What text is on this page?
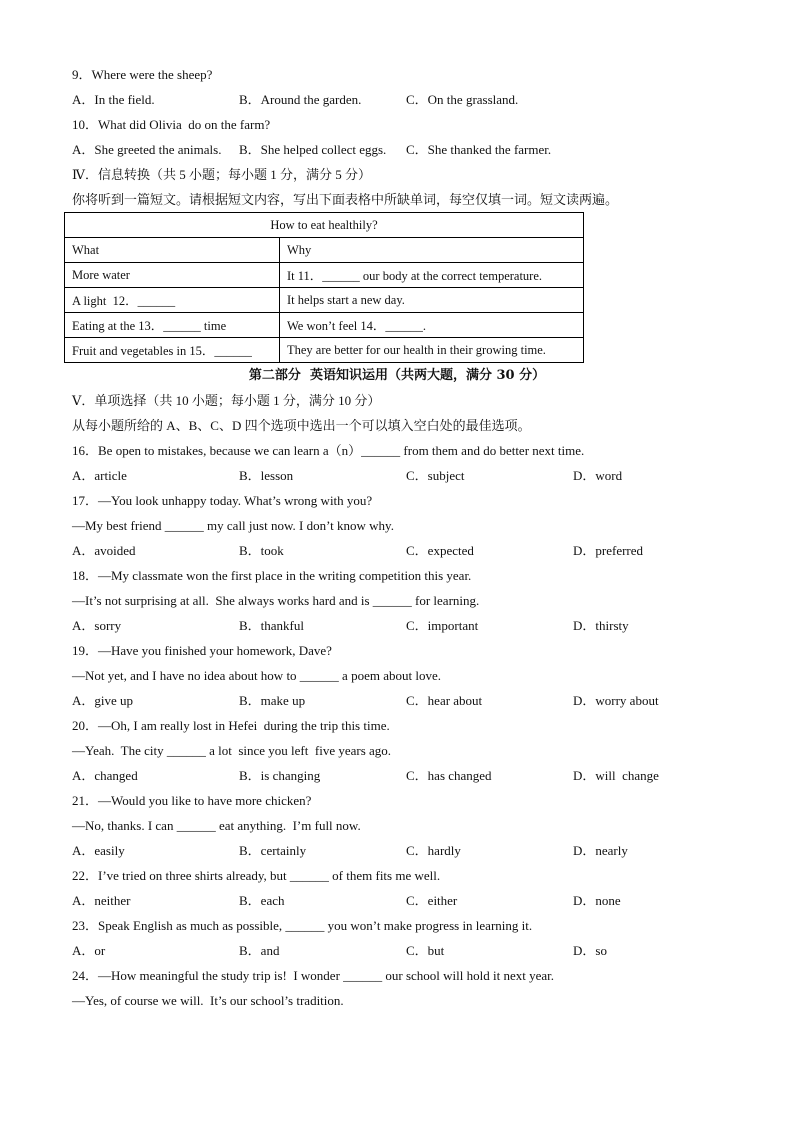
9．Where were the sheep?
A．In the field.	B．Around the garden.	C．On the grassland.
10．What did Olivia  do on the farm?
A．She greeted the animals.	B．She helped collect eggs.	C．She thanked the farmer.
Ⅳ．信息转换（共 5 小题；每小题 1 分，满分 5 分）
你将听到一篇短文。请根据短文内容，写出下面表格中所缺单词，每空仅填一词。短文读两遍。
How to eat healthily?	
What	Why
More water	It 11．______ our body at the correct temperature.
A light  12．______	It helps start a new day.
Eating at the 13．______ time	We won’t feel 14．______.
Fruit and vegetables in 15．______	They are better for our health in their growing time.
第二部分  英语知识运用（共两大题，满分 30 分）
Ⅴ．单项选择（共 10 小题；每小题 1 分，满分 10 分）
从每小题所给的 A、B、C、D 四个选项中选出一个可以填入空白处的最佳选项。
16．Be open to mistakes, because we can learn a（n）______ from them and do better next time.
A．article	B．lesson	C．subject	D．word
17．—You look unhappy today. What’s wrong with you?
—My best friend ______ my call just now. I don’t know why.
A．avoided	B．took	C．expected	D．preferred
18．—My classmate won the first place in the writing competition this year.
—It’s not surprising at all.  She always works hard and is ______ for learning.
A．sorry	B．thankful	C．important	D．thirsty
19．—Have you finished your homework, Dave?
—Not yet, and I have no idea about how to ______ a poem about love.
A．give up	B．make up	C．hear about	D．worry about
20．—Oh, I am really lost in Hefei  during the trip this time.
—Yeah.  The city ______ a lot  since you left  five years ago.
A．changed	B．is changing	C．has changed	D．will  change
21．—Would you like to have more chicken?
—No, thanks. I can ______ eat anything.  I’m full now.
A．easily	B．certainly	C．hardly	D．nearly
22．I’ve tried on three shirts already, but ______ of them fits me well.
A．neither	B．each	C．either	D．none
23．Speak English as much as possible, ______ you won’t make progress in learning it.
A．or	B．and	C．but	D．so
24．—How meaningful the study trip is!  I wonder ______ our school will hold it next year.
—Yes, of course we will.  It’s our school’s tradition.
